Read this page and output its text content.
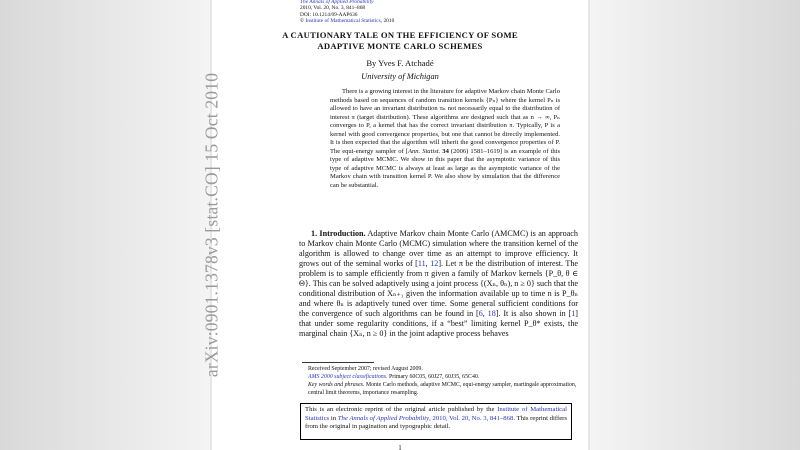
The Annals of Applied Probability
2010, Vol. 20, No. 3, 841–868
DOI: 10.1214/09-AAP636
© Institute of Mathematical Statistics, 2010
A CAUTIONARY TALE ON THE EFFICIENCY OF SOME
ADAPTIVE MONTE CARLO SCHEMES
By Yves F. Atchadé
University of Michigan

There is a growing interest in the literature for adaptive Markov chain Monte Carlo methods based on sequences of random transition kernels {Pₙ} where the kernel Pₙ is allowed to have an invariant distribution πₙ not necessarily equal to the distribution of interest π (target distribution). These algorithms are designed such that as n → ∞, Pₙ converges to P, a kernel that has the correct invariant distribution π. Typically, P is a kernel with good convergence properties, but one that cannot be directly implemented. It is then expected that the algorithm will inherit the good convergence properties of P. The equi-energy sampler of [Ann. Statist. 34 (2006) 1581–1619] is an example of this type of adaptive MCMC. We show in this paper that the asymptotic variance of this type of adaptive MCMC is always at least as large as the asymptotic variance of the Markov chain with transition kernel P. We also show by simulation that the difference can be substantial.

1. Introduction. Adaptive Markov chain Monte Carlo (AMCMC) is an approach to Markov chain Monte Carlo (MCMC) simulation where the transition kernel of the algorithm is allowed to change over time as an attempt to improve efficiency. It grows out of the seminal works of [11, 12]. Let π be the distribution of interest. The problem is to sample efficiently from π given a family of Markov kernels {P_θ, θ ∈ Θ}. This can be solved adaptively using a joint process {(Xₙ, θₙ), n ≥ 0} such that the conditional distribution of Xₙ₊₁ given the information available up to time n is P_θₙ and where θₙ is adaptively tuned over time. Some general sufficient conditions for the convergence of such algorithms can be found in [6, 18]. It is also shown in [1] that under some regularity conditions, if a “best” limiting kernel P_θ* exists, the marginal chain {Xₙ, n ≥ 0} in the joint adaptive process behaves

Received September 2007; revised August 2009.

AMS 2000 subject classifications. Primary 60C05, 60J27, 60J35, 65C40.

Key words and phrases. Monte Carlo methods, adaptive MCMC, equi-energy sampler, martingale approximation, central limit theorems, importance resampling.

This is an electronic reprint of the original article published by the Institute of Mathematical Statistics in The Annals of Applied Probability, 2010, Vol. 20, No. 3, 841–868. This reprint differs from the original in pagination and typographic detail.
1
arXiv:0901.1378v3 [stat.CO] 15 Oct 2010
